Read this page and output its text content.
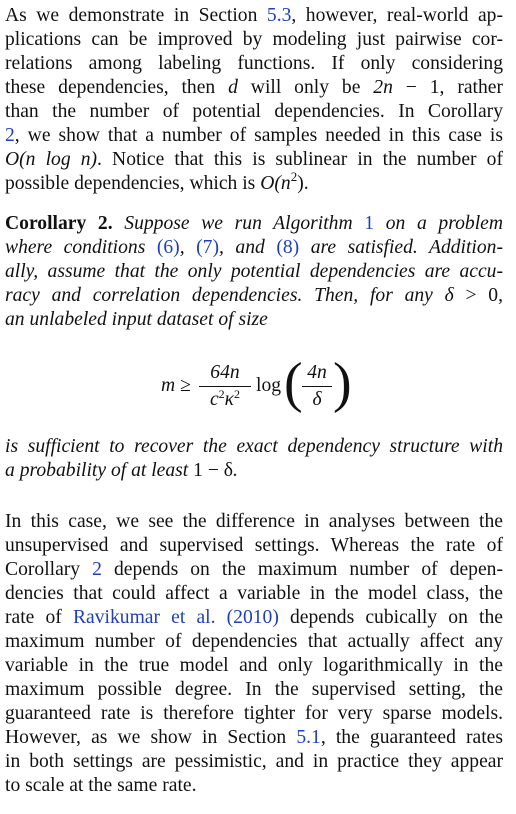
As we demonstrate in Section 5.3, however, real-world ap-
plications can be improved by modeling just pairwise cor-
relations among labeling functions. If only considering
these dependencies, then d will only be 2n − 1, rather
than the number of potential dependencies. In Corollary
2, we show that a number of samples needed in this case is
O(n log n). Notice that this is sublinear in the number of
possible dependencies, which is $O(n^2)$.
Corollary 2. Suppose we run Algorithm 1 on a problem
where conditions (6), (7), and (8) are satisfied. Addition-
ally, assume that the only potential dependencies are accu-
racy and correlation dependencies. Then, for any δ > 0,
an unlabeled input dataset of size
m ≥
64n
$c^2\kappa^2$ log ( 4n
δ )
is sufficient to recover the exact dependency structure with
a probability of at least 1 − δ.
In this case, we see the difference in analyses between the
unsupervised and supervised settings. Whereas the rate of
Corollary 2 depends on the maximum number of depen-
dencies that could affect a variable in the model class, the
rate of Ravikumar et al. (2010) depends cubically on the
maximum number of dependencies that actually affect any
variable in the true model and only logarithmically in the
maximum possible degree. In the supervised setting, the
guaranteed rate is therefore tighter for very sparse models.
However, as we show in Section 5.1, the guaranteed rates
in both settings are pessimistic, and in practice they appear
to scale at the same rate.
